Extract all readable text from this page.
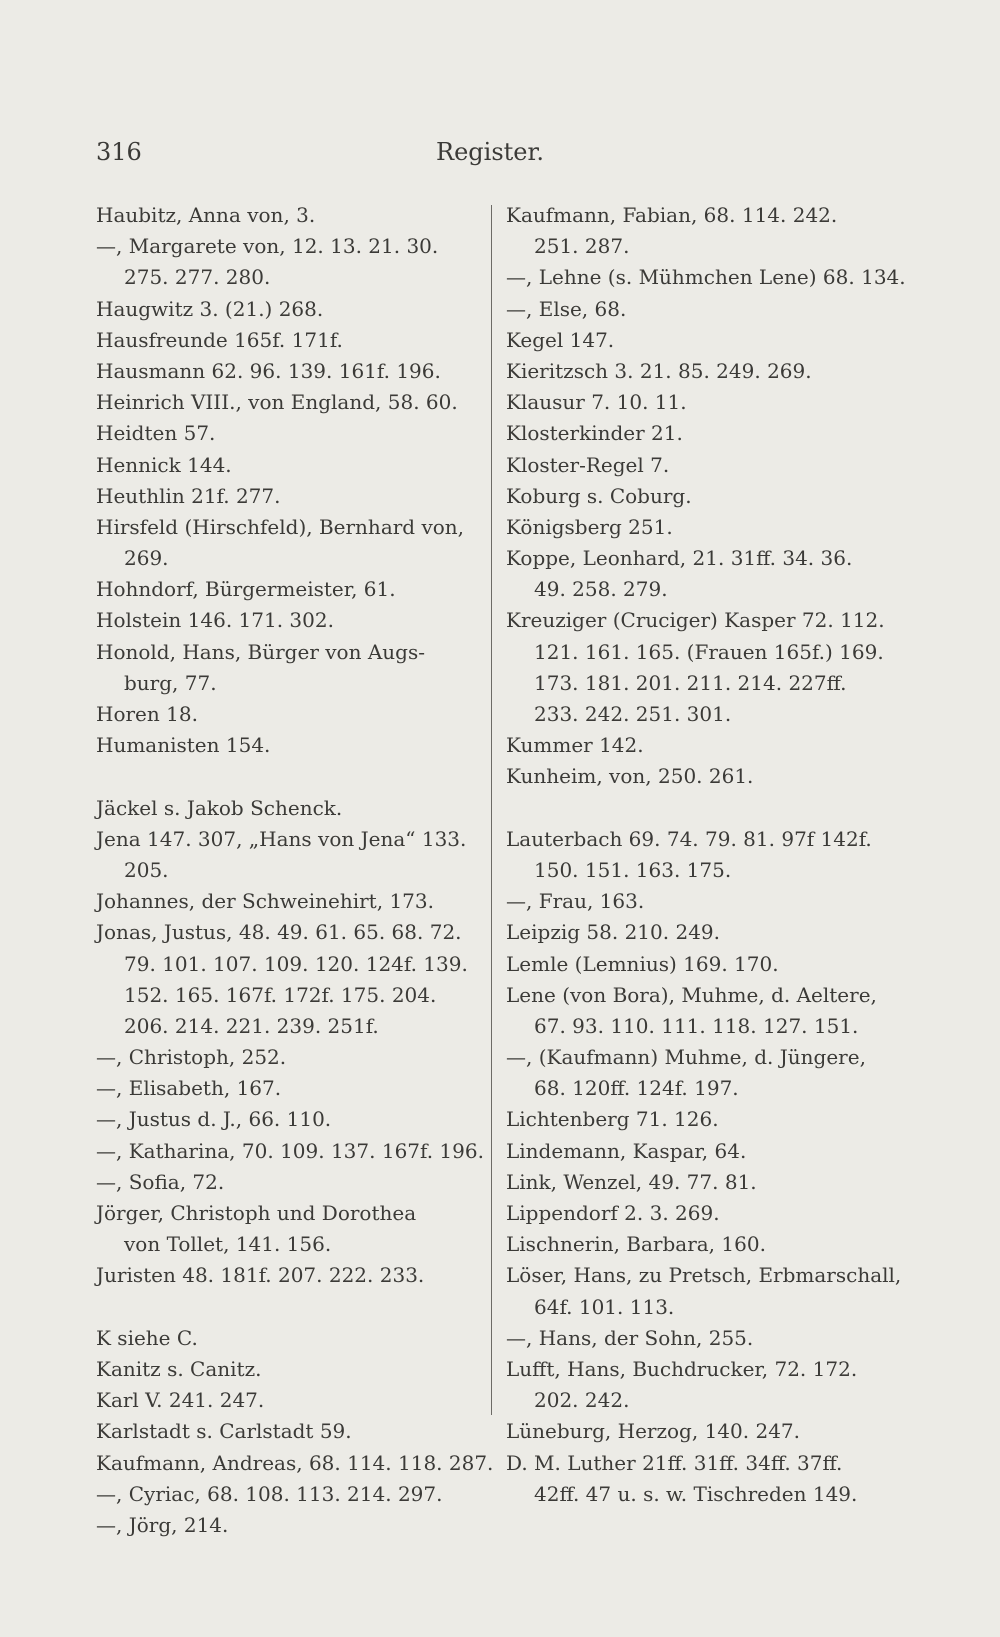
316	Register.
Haubitz, Anna von, 3.
—, Margarete von, 12. 13. 21. 30.
275. 277. 280.
Haugwitz 3. (21.) 268.
Hausfreunde 165f. 171f.
Hausmann 62. 96. 139. 161f. 196.
Heinrich VIII., von England, 58. 60.
Heidten 57.
Hennick 144.
Heuthlin 21f. 277.
Hirsfeld (Hirschfeld), Bernhard von,
269.
Hohndorf, Bürgermeister, 61.
Holstein 146. 171. 302.
Honold, Hans, Bürger von Augs-
burg, 77.
Horen 18.
Humanisten 154.
Jäckel s. Jakob Schenck.
Jena 147. 307, „Hans von Jena“ 133.
205.
Johannes, der Schweinehirt, 173.
Jonas, Justus, 48. 49. 61. 65. 68. 72.
79. 101. 107. 109. 120. 124f. 139.
152. 165. 167f. 172f. 175. 204.
206. 214. 221. 239. 251f.
—, Christoph, 252.
—, Elisabeth, 167.
—, Justus d. J., 66. 110.
—, Katharina, 70. 109. 137. 167f. 196.
—, Sofia, 72.
Jörger, Christoph und Dorothea
von Tollet, 141. 156.
Juristen 48. 181f. 207. 222. 233.
K siehe C.
Kanitz s. Canitz.
Karl V. 241. 247.
Karlstadt s. Carlstadt 59.
Kaufmann, Andreas, 68. 114. 118. 287.
—, Cyriac, 68. 108. 113. 214. 297.
—, Jörg, 214.
Kaufmann, Fabian, 68. 114. 242.
251. 287.
—, Lehne (s. Mühmchen Lene) 68. 134.
—, Else, 68.
Kegel 147.
Kieritzsch 3. 21. 85. 249. 269.
Klausur 7. 10. 11.
Klosterkinder 21.
Kloster-Regel 7.
Koburg s. Coburg.
Königsberg 251.
Koppe, Leonhard, 21. 31ff. 34. 36.
49. 258. 279.
Kreuziger (Cruciger) Kasper 72. 112.
121. 161. 165. (Frauen 165f.) 169.
173. 181. 201. 211. 214. 227ff.
233. 242. 251. 301.
Kummer 142.
Kunheim, von, 250. 261.
Lauterbach 69. 74. 79. 81. 97f 142f.
150. 151. 163. 175.
—, Frau, 163.
Leipzig 58. 210. 249.
Lemle (Lemnius) 169. 170.
Lene (von Bora), Muhme, d. Aeltere,
67. 93. 110. 111. 118. 127. 151.
—, (Kaufmann) Muhme, d. Jüngere,
68. 120ff. 124f. 197.
Lichtenberg 71. 126.
Lindemann, Kaspar, 64.
Link, Wenzel, 49. 77. 81.
Lippendorf 2. 3. 269.
Lischnerin, Barbara, 160.
Löser, Hans, zu Pretsch, Erbmarschall,
64f. 101. 113.
—, Hans, der Sohn, 255.
Lufft, Hans, Buchdrucker, 72. 172.
202. 242.
Lüneburg, Herzog, 140. 247.
D. M. Luther 21ff. 31ff. 34ff. 37ff.
42ff. 47 u. s. w. Tischreden 149.
